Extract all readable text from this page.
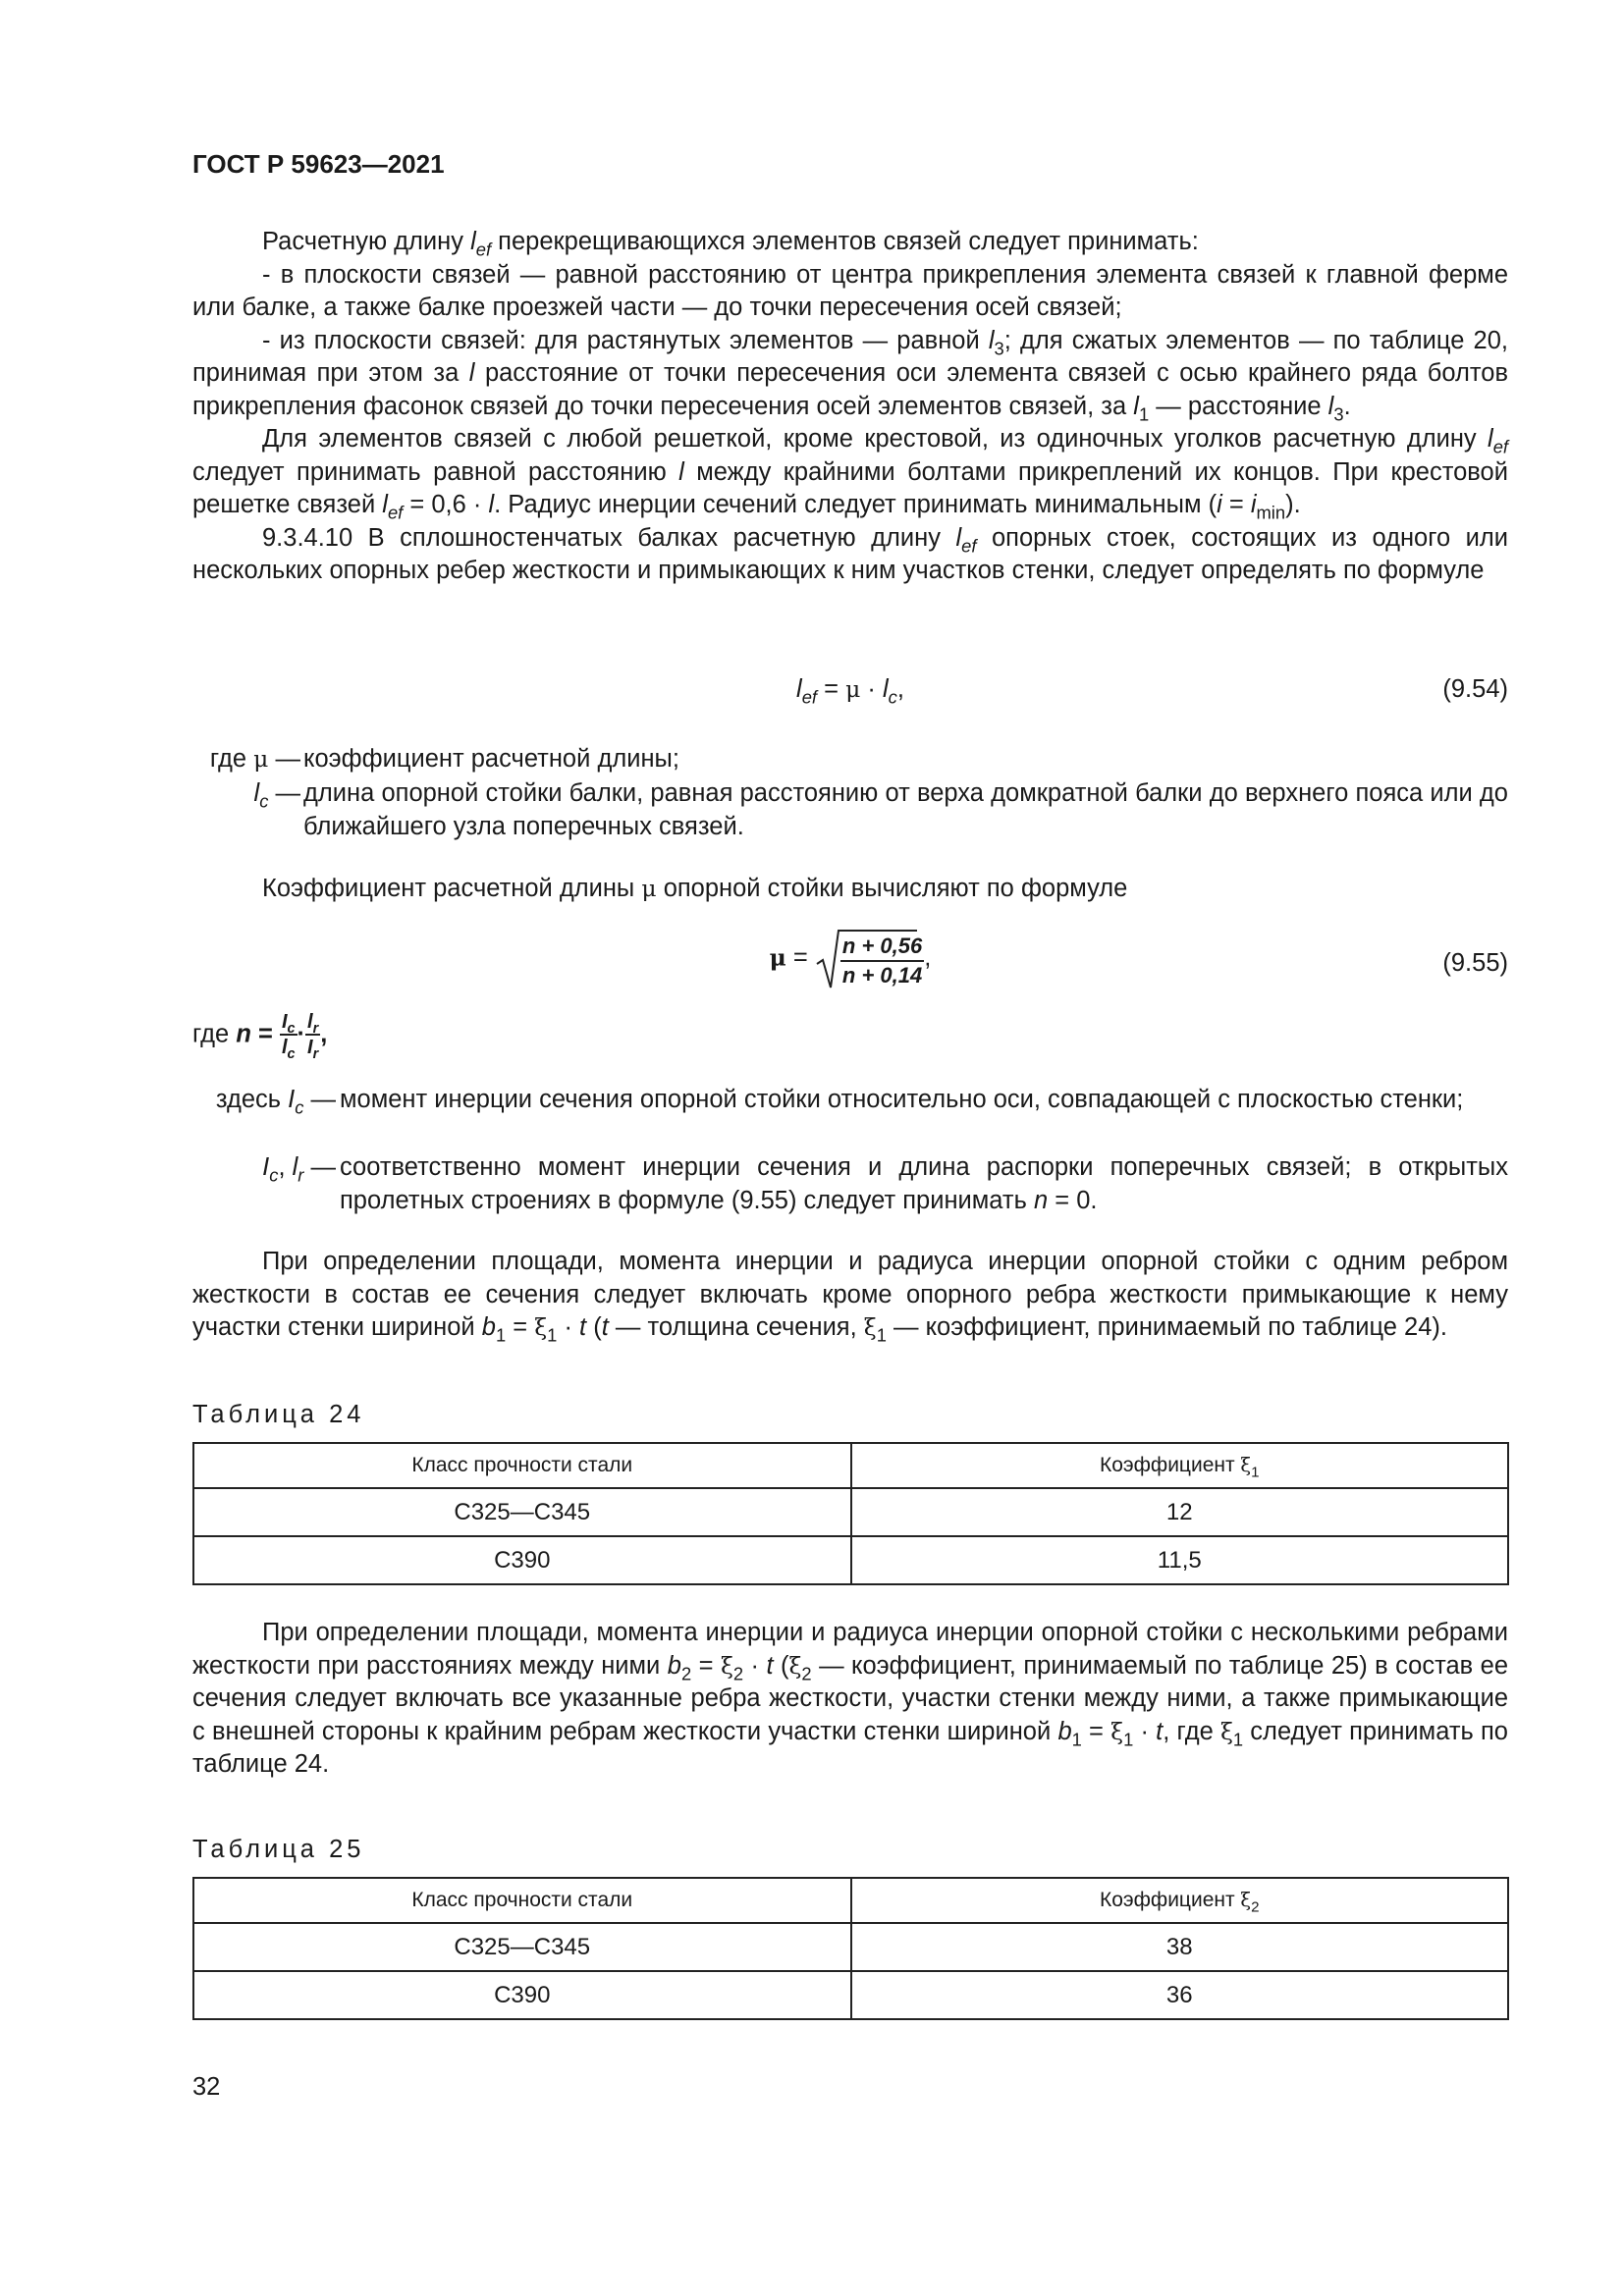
ГОСТ Р 59623—2021

Расчетную длину $l_{ef}$ перекрещивающихся элементов связей следует принимать:

- в плоскости связей — равной расстоянию от центра прикрепления элемента связей к главной ферме или балке, а также балке проезжей части — до точки пересечения осей связей;

- из плоскости связей: для растянутых элементов — равной $l_3$; для сжатых элементов — по таблице 20, принимая при этом за l расстояние от точки пересечения оси элемента связей с осью крайнего ряда болтов прикрепления фасонок связей до точки пересечения осей элементов связей, за $l_1$ — расстояние $l_3$.

Для элементов связей с любой решеткой, кроме крестовой, из одиночных уголков расчетную длину $l_{ef}$ следует принимать равной расстоянию l между крайними болтами прикреплений их концов. При крестовой решетке связей $l_{ef} = 0,6 \cdot l$. Радиус инерции сечений следует принимать минимальным $(i = i_{min})$.

9.3.4.10 В сплошностенчатых балках расчетную длину $l_{ef}$ опорных стоек, состоящих из одного или нескольких опорных ребер жесткости и примыкающих к ним участков стенки, следует определять по формуле

$l_{ef} = \mu \cdot l_c$,	(9.54)
где μ — коэффициент расчетной длины;
$l_c$ — длина опорной стойки балки, равная расстоянию от верха домкратной балки до верхнего пояса или до ближайшего узла поперечных связей.

Коэффициент расчетной длины μ опорной стойки вычисляют по формуле

$\mu = \frac{n + 0,56}{n + 0,14}$ ,	(9.55)
где $n = \frac{I_c}{l_c} \cdot \frac{l_r}{I_r}$ ,
здесь $I_c$ — момент инерции сечения опорной стойки относительно оси, совпадающей с плоскостью стенки;
$I_c$, $l_r$ — соответственно момент инерции сечения и длина распорки поперечных связей; в открытых пролетных строениях в формуле (9.55) следует принимать n = 0.

При определении площади, момента инерции и радиуса инерции опорной стойки с одним ребром жесткости в состав ее сечения следует включать кроме опорного ребра жесткости примыкающие к нему участки стенки шириной $b_1 = \xi_1 \cdot t$ (t — толщина сечения, $\xi_1$ — коэффициент, принимаемый по таблице 24).

Таблица 24
Класс прочности стали	Коэффициент $\xi_1$
С325—С345	12
С390	11,5

При определении площади, момента инерции и радиуса инерции опорной стойки с несколькими ребрами жесткости при расстояниях между ними $b_2 = \xi_2 \cdot t$ ($\xi_2$ — коэффициент, принимаемый по таблице 25) в состав ее сечения следует включать все указанные ребра жесткости, участки стенки между ними, а также примыкающие с внешней стороны к крайним ребрам жесткости участки стенки шириной $b_1 = \xi_1 \cdot t$, где $\xi_1$ следует принимать по таблице 24.

Таблица 25
Класс прочности стали	Коэффициент $\xi_2$
С325—С345	38
С390	36
32
